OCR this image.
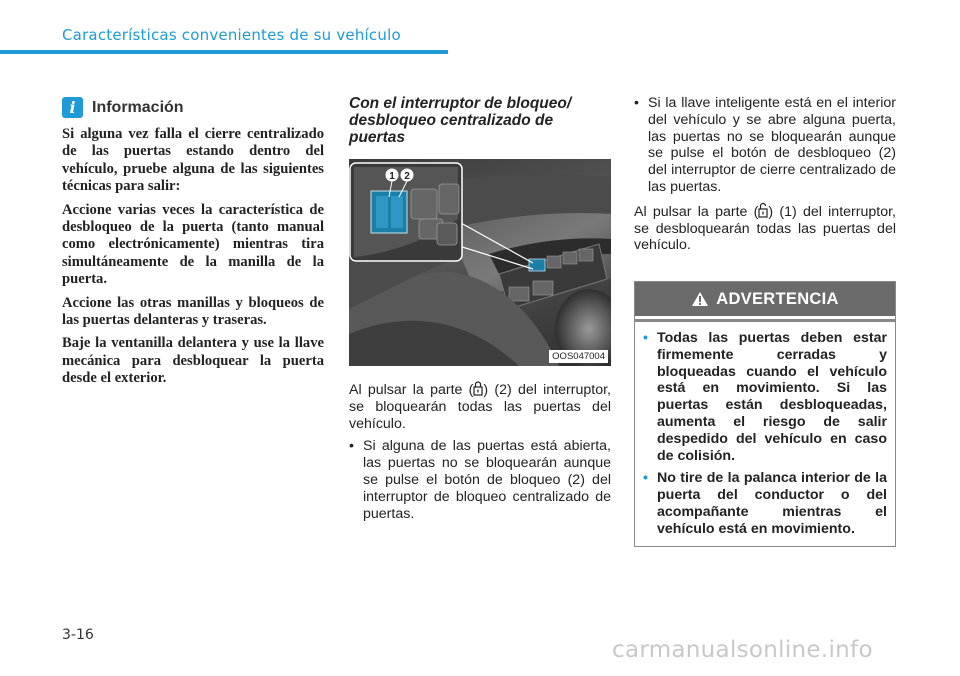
Características convenientes de su vehículo
i	Información

Si alguna vez falla el cierre centralizado de las puertas estando dentro del vehículo, pruebe alguna de las siguientes técnicas para salir:

Accione varias veces la característica de desbloqueo de la puerta (tanto manual como electrónicamente) mientras tira simultáneamente de la manilla de la puerta.

Accione las otras manillas y bloqueos de las puertas delanteras y traseras.

Baje la ventanilla delantera y use la llave mecánica para desbloquear la puerta desde el exterior.

Con el interruptor de bloqueo/ desbloqueo centralizado de puertas
1 2
OOS047004

Al pulsar la parte ( ) (2) del interruptor, se bloquearán todas las puertas del vehículo.

• Si alguna de las puertas está abierta, las puertas no se bloquearán aunque se pulse el botón de bloqueo (2) del interruptor de bloqueo centralizado de puertas.
• Si la llave inteligente está en el interior del vehículo y se abre alguna puerta, las puertas no se bloquearán aunque se pulse el botón de desbloqueo (2) del interruptor de cierre centralizado de las puertas.

Al pulsar la parte ( ) (1) del interruptor, se desbloquearán todas las puertas del vehículo.

ADVERTENCIA
• Todas las puertas deben estar firmemente cerradas y bloqueadas cuando el vehículo está en movimiento. Si las puertas están desbloqueadas, aumenta el riesgo de salir despedido del vehículo en caso de colisión.
• No tire de la palanca interior de la puerta del conductor o del acompañante mientras el vehículo está en movimiento.
3-16
carmanualsonline.info
